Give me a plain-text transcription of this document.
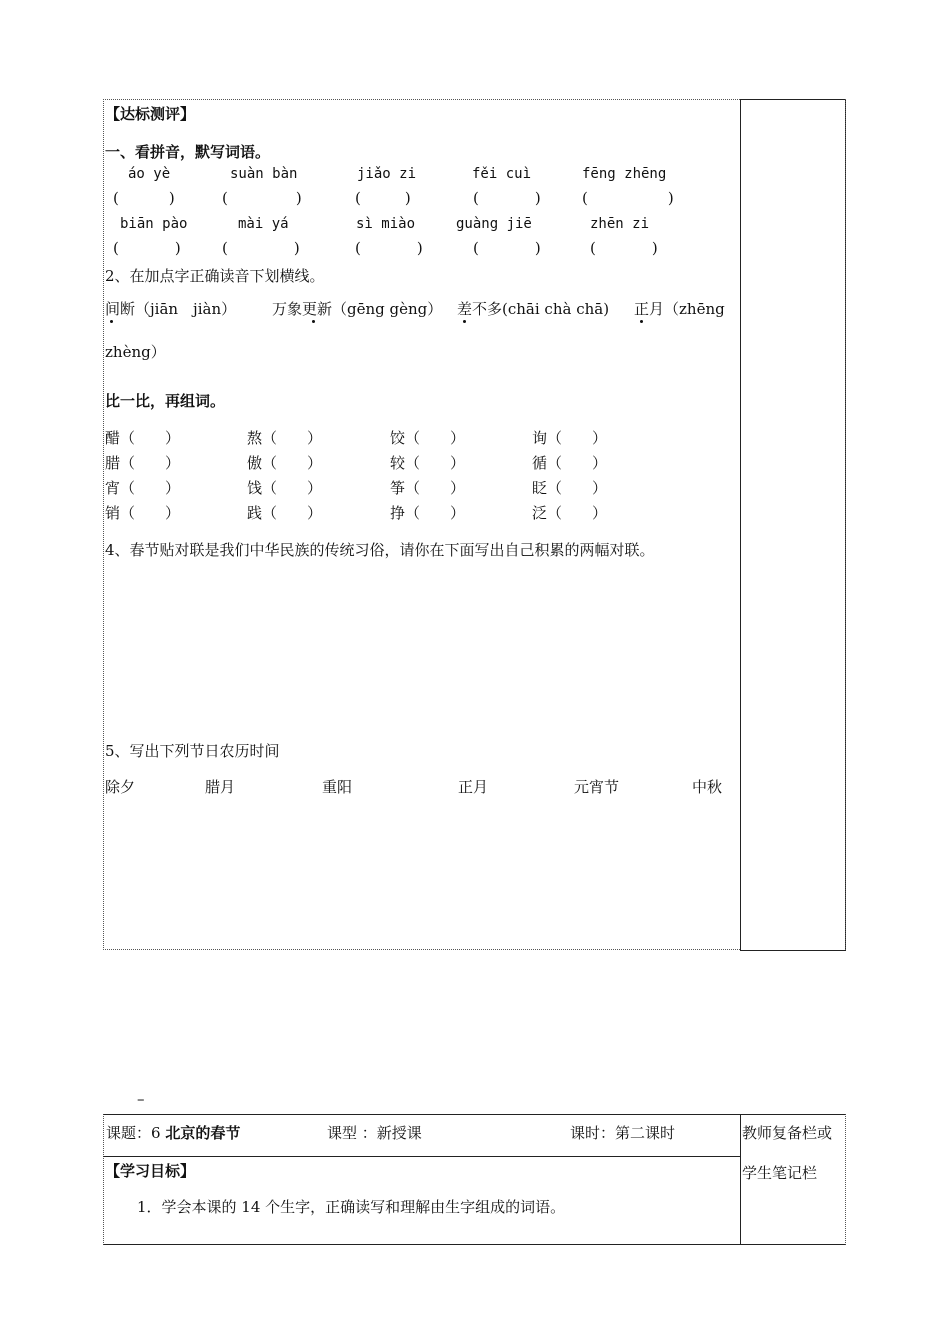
【达标测评】
一、看拼音，默写词语。
áo yè	suàn bàn	jiǎo zi	fěi cuì	fēng zhēng
(	)	(	)	(	)	(	)	(	)
biān pào	mài yá	sì miào	guàng jiē	zhēn zi
(	)	(	)	(	)	(	)	(	)
2、在加点字正确读音下划横线。
间断（jiān　jiàn） 万象更新（gēng gèng） 差不多(chāi chà chā) 正月（zhēng
zhèng）
比一比，再组词。
醋（　　）	熬（　　）	饺（　　）	询（　　）
腊（　　）	傲（　　）	较（　　）	循（　　）
宵（　　）	饯（　　）	筝（　　）	眨（　　）
销（　　）	践（　　）	挣（　　）	泛（　　）
4、春节贴对联是我们中华民族的传统习俗，请你在下面写出自己积累的两幅对联。
5、写出下列节日农历时间
除夕	腊月	重阳	正月	元宵节	中秋
–
课题：6 北京的春节	课型 ：新授课	课时：第二课时	教师复备栏或
学生笔记栏
【学习目标】
1．学会本课的 14 个生字，正确读写和理解由生字组成的词语。
